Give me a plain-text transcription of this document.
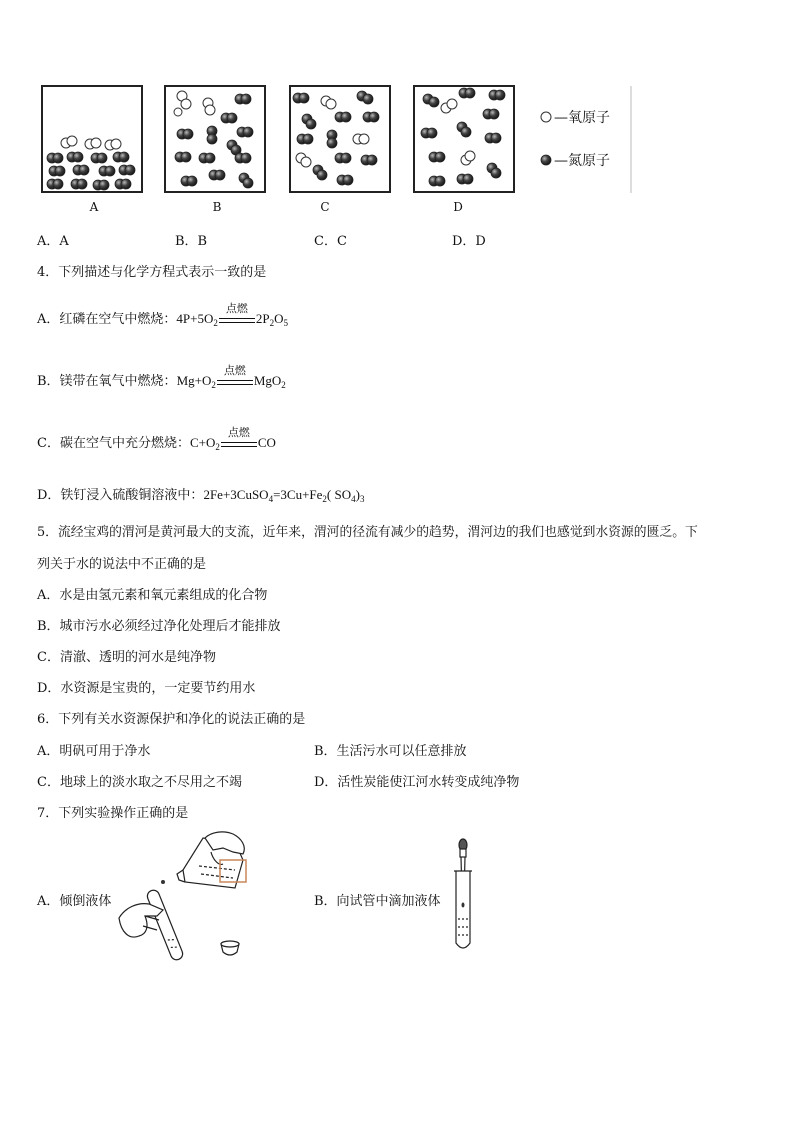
—氧原子
—氮原子
A	B	C	D
A．A	B．B	C．C	D．D
4．下列描述与化学方程式表示一致的是
A．红磷在空气中燃烧：$4P+5O_2$
点燃
$2P_2O_5$
B．镁带在氧气中燃烧：$Mg+O_2$
点燃
MgO$_2$
C．碳在空气中充分燃烧：$C+O_2$
点燃
CO
D．铁钉浸入硫酸铜溶液中：$2Fe+3CuSO_4=3Cu+Fe_2$( $SO_4)_3$
5．流经宝鸡的渭河是黄河最大的支流，近年来，渭河的径流有减少的趋势，渭河边的我们也感觉到水资源的匮乏。下
列关于水的说法中不正确的是
A．水是由氢元素和氧元素组成的化合物
B．城市污水必须经过净化处理后才能排放
C．清澈、透明的河水是纯净物
D．水资源是宝贵的，一定要节约用水
6．下列有关水资源保护和净化的说法正确的是
A．明矾可用于净水	B．生活污水可以任意排放
C．地球上的淡水取之不尽用之不竭	D．活性炭能使江河水转变成纯净物
7．下列实验操作正确的是
A．倾倒液体	B．向试管中滴加液体
